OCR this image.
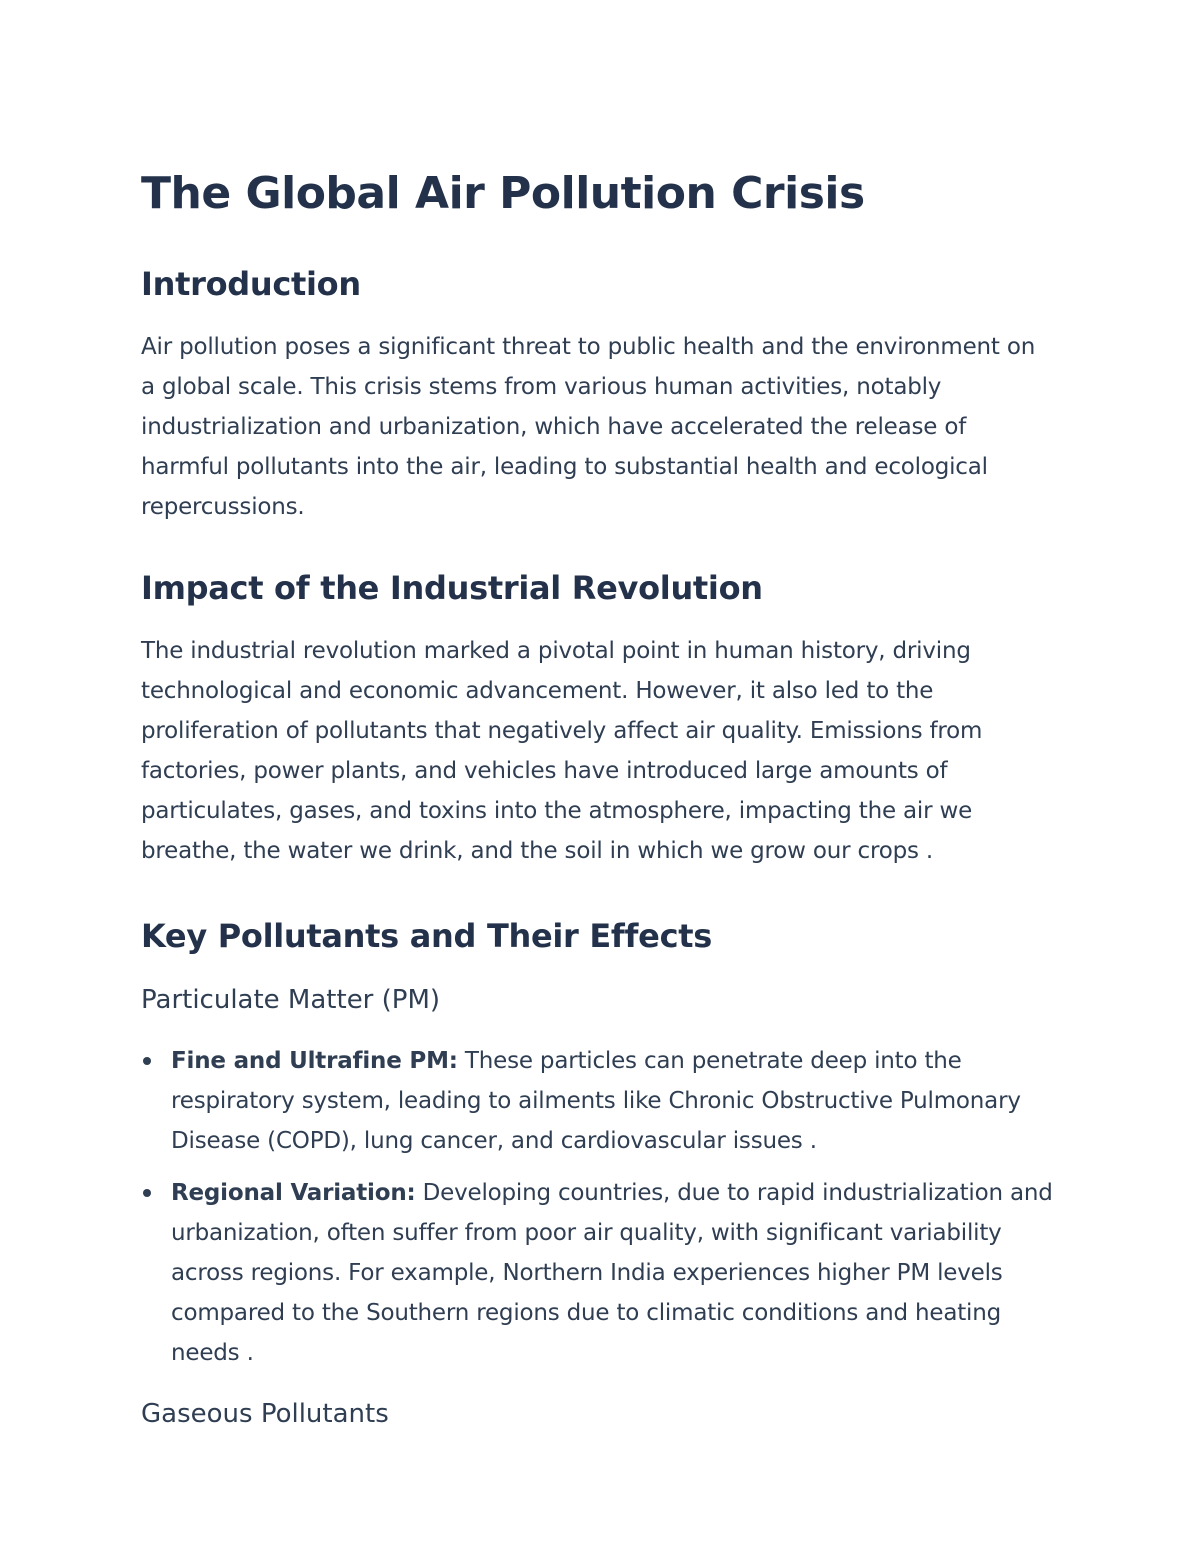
The Global Air Pollution Crisis
Introduction

Air pollution poses a significant threat to public health and the environment on a global scale. This crisis stems from various human activities, notably industrialization and urbanization, which have accelerated the release of harmful pollutants into the air, leading to substantial health and ecological repercussions.

Impact of the Industrial Revolution

The industrial revolution marked a pivotal point in human history, driving technological and economic advancement. However, it also led to the proliferation of pollutants that negatively affect air quality. Emissions from factories, power plants, and vehicles have introduced large amounts of particulates, gases, and toxins into the atmosphere, impacting the air we breathe, the water we drink, and the soil in which we grow our crops .

Key Pollutants and Their Effects
Particulate Matter (PM)
Fine and Ultrafine PM: These particles can penetrate deep into the respiratory system, leading to ailments like Chronic Obstructive Pulmonary Disease (COPD), lung cancer, and cardiovascular issues .
Regional Variation: Developing countries, due to rapid industrialization and urbanization, often suffer from poor air quality, with significant variability across regions. For example, Northern India experiences higher PM levels compared to the Southern regions due to climatic conditions and heating needs .
Gaseous Pollutants
